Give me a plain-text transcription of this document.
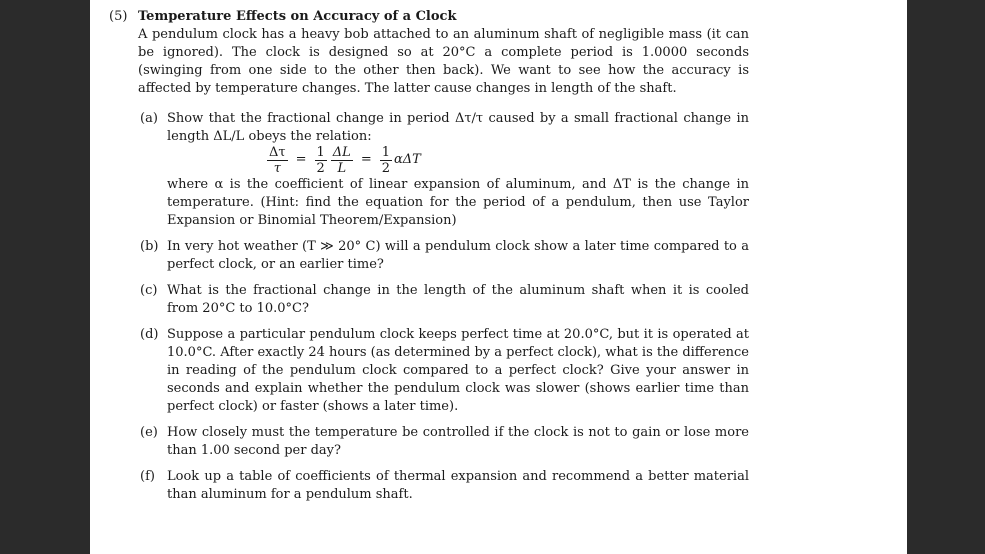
(5) Temperature Effects on Accuracy of a Clock
A pendulum clock has a heavy bob attached to an aluminum shaft of negligible mass (it can be ignored). The clock is designed so at 20°C a complete period is 1.0000 seconds (swinging from one side to the other then back). We want to see how the accuracy is affected by temperature changes. The latter cause changes in length of the shaft.
(a) Show that the fractional change in period Δτ/τ caused by a small fractional change in length ΔL/L obeys the relation:
$\frac{\Delta\tau}{\tau} = \frac{1}{2} \frac{\Delta L}{L} = \frac{1}{2}$ αΔT
where α is the coefficient of linear expansion of aluminum, and ΔT is the change in temperature. (Hint: find the equation for the period of a pendulum, then use Taylor Expansion or Binomial Theorem/Expansion)
(b) In very hot weather (T ≫ 20° C) will a pendulum clock show a later time compared to a perfect clock, or an earlier time?
(c) What is the fractional change in the length of the aluminum shaft when it is cooled from 20°C to 10.0°C?
(d) Suppose a particular pendulum clock keeps perfect time at 20.0°C, but it is operated at 10.0°C. After exactly 24 hours (as determined by a perfect clock), what is the difference in reading of the pendulum clock compared to a perfect clock? Give your answer in seconds and explain whether the pendulum clock was slower (shows earlier time than perfect clock) or faster (shows a later time).
(e) How closely must the temperature be controlled if the clock is not to gain or lose more than 1.00 second per day?
(f) Look up a table of coefficients of thermal expansion and recommend a better material than aluminum for a pendulum shaft.
